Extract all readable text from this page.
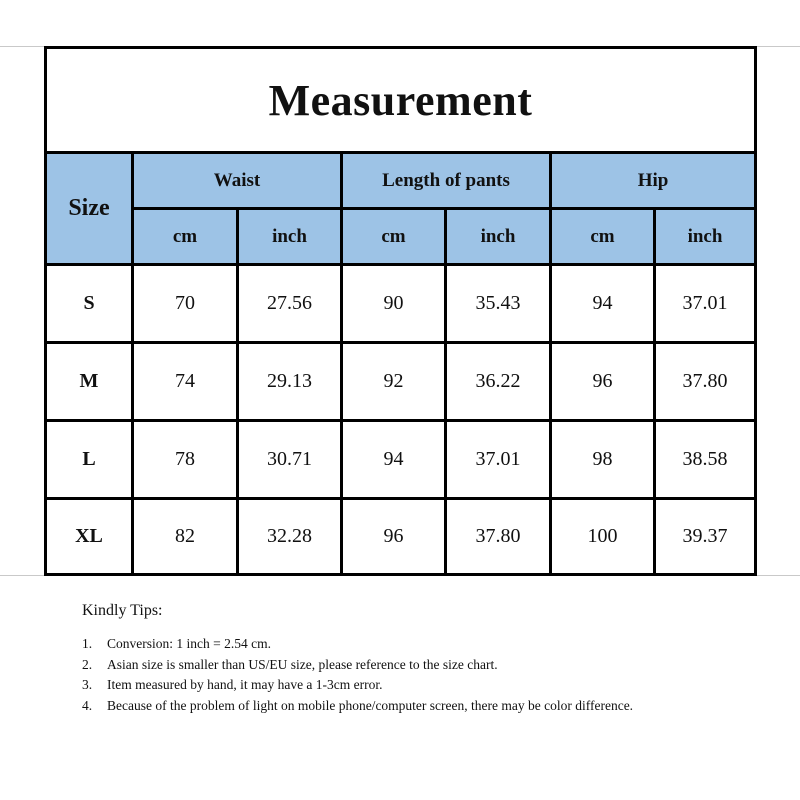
Measurement
Size
Waist	Length of pants	Hip
cm	inch	cm	inch	cm	inch
S	70	27.56	90	35.43	94	37.01
M	74	29.13	92	36.22	96	37.80
L	78	30.71	94	37.01	98	38.58
XL	82	32.28	96	37.80	100	39.37

Kindly Tips:

1.	Conversion: 1 inch = 2.54 cm.
2.	Asian size is smaller than US/EU size, please reference to the size chart.
3.	Item measured by hand, it may have a 1-3cm error.
4.	Because of the problem of light on mobile phone/computer screen, there may be color difference.
